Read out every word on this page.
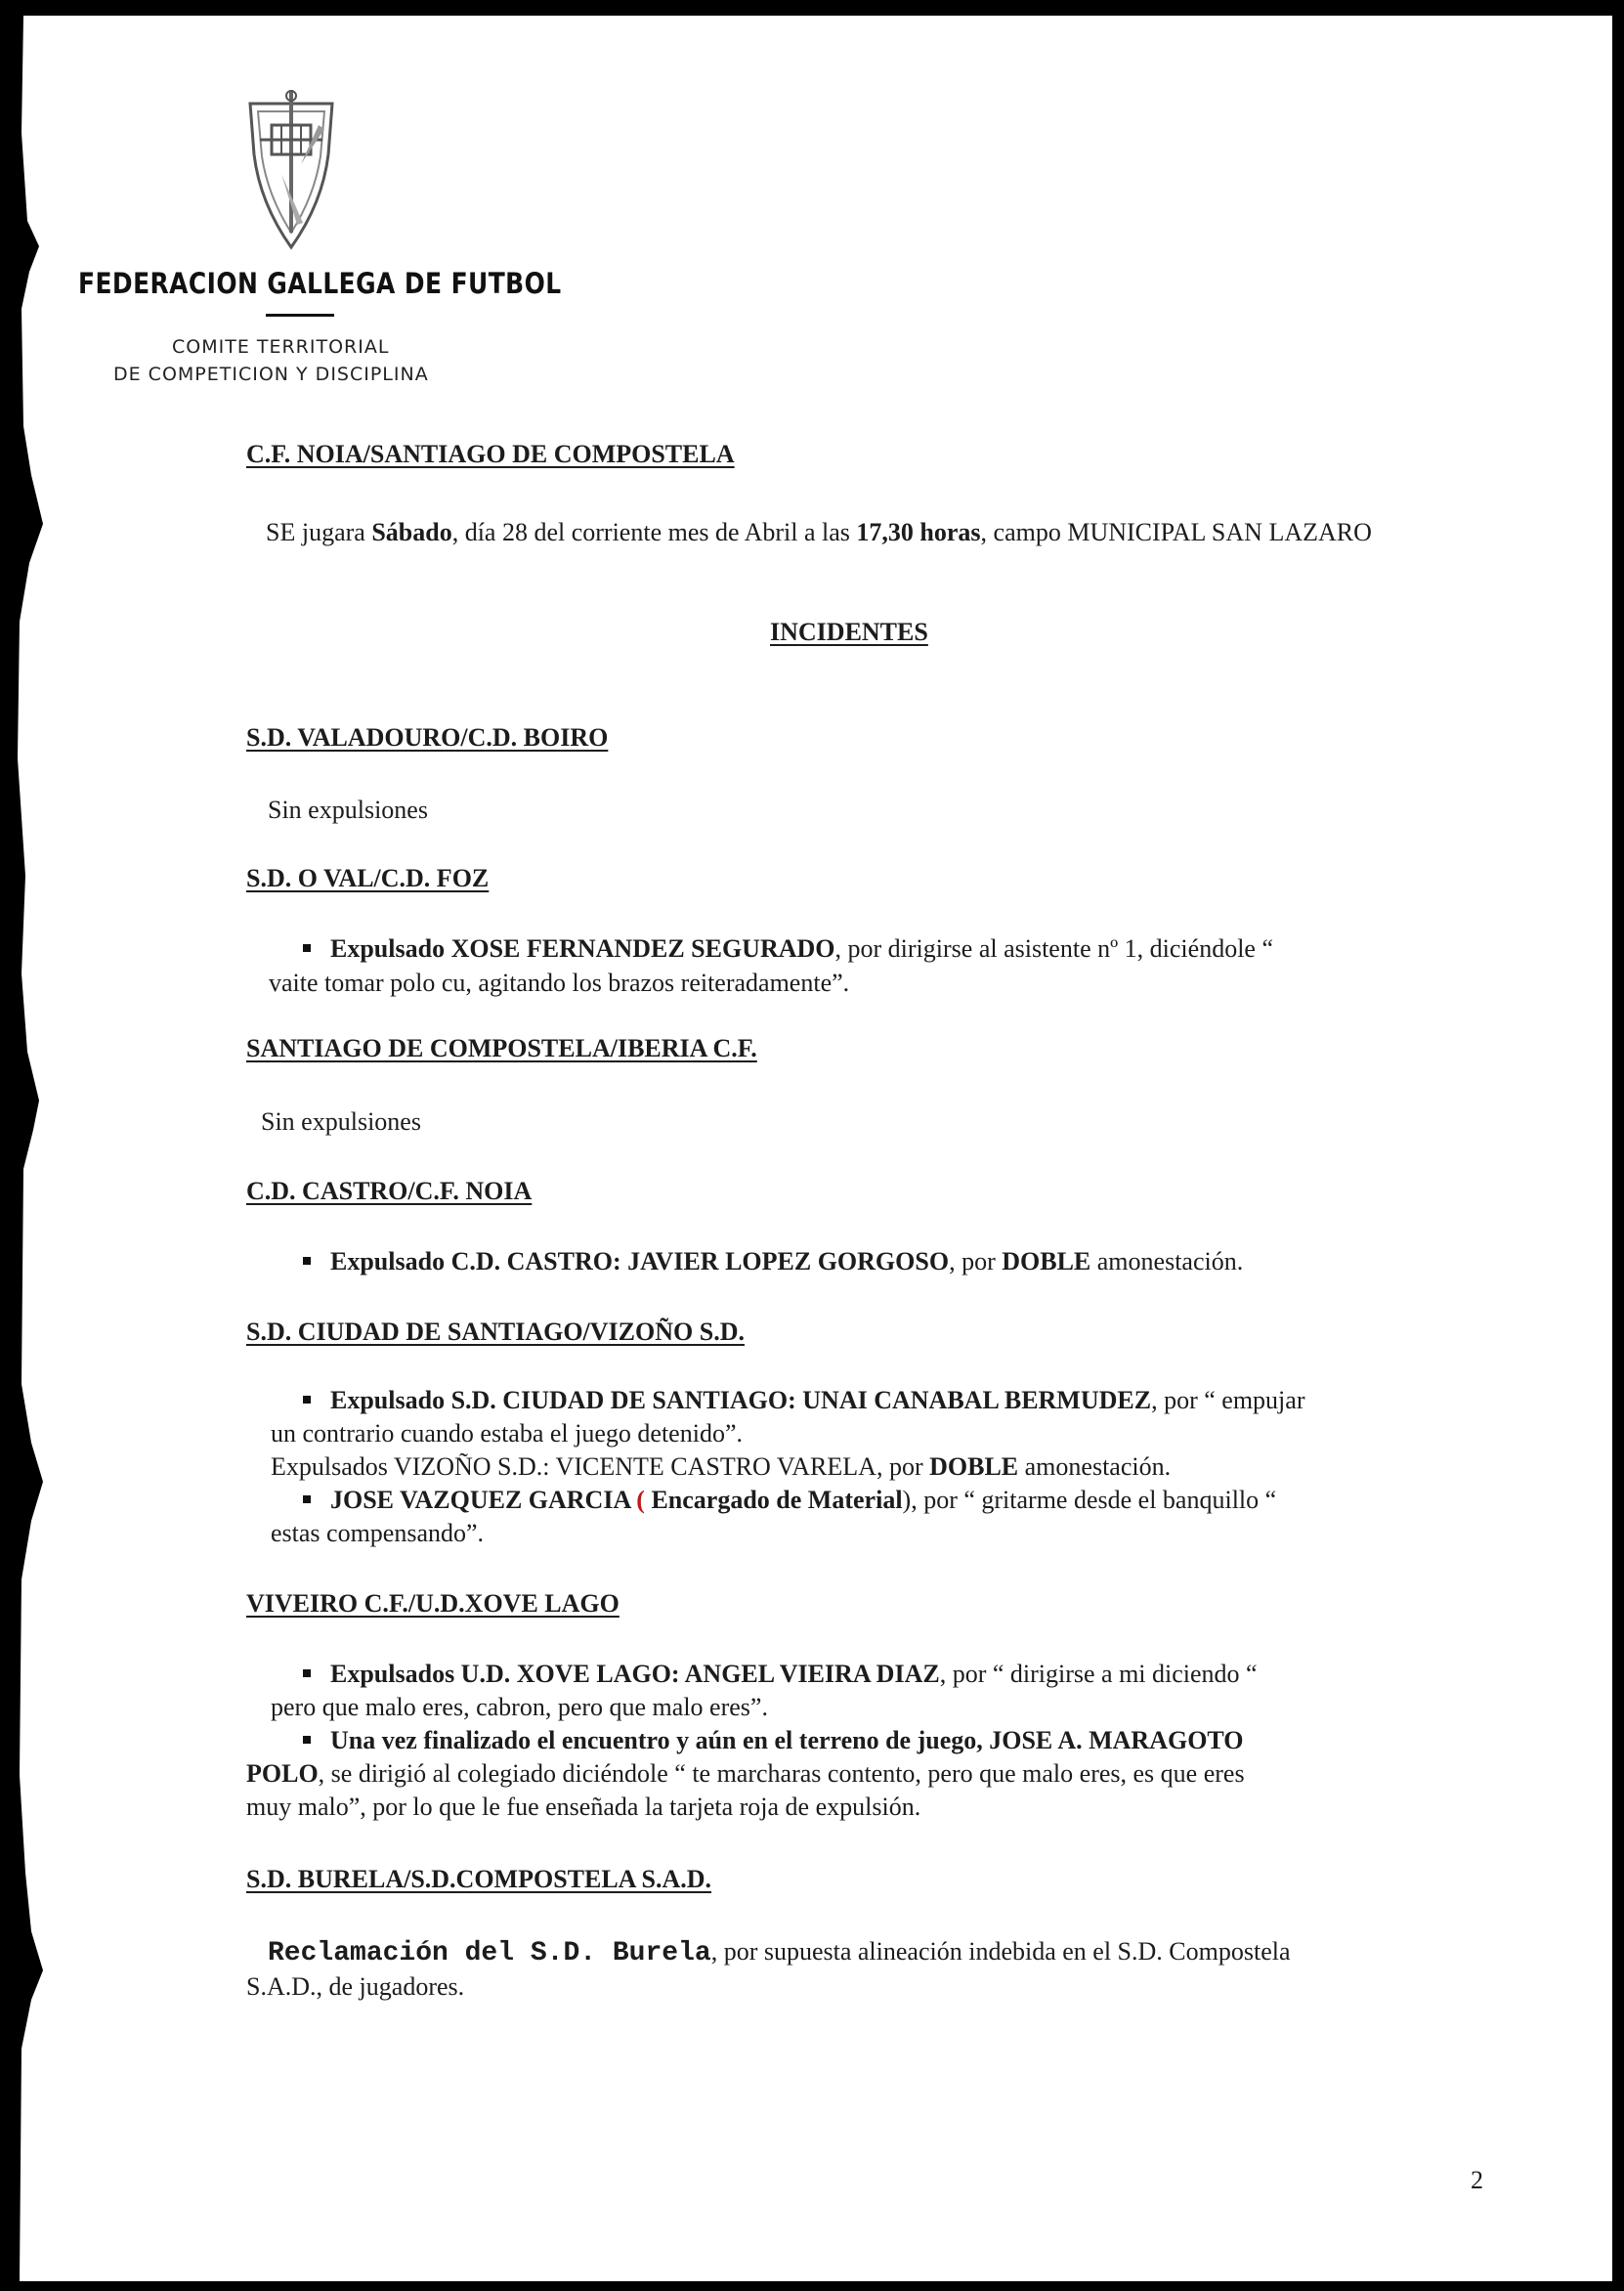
FEDERACION GALLEGA DE FUTBOL
COMITE TERRITORIAL
DE COMPETICION Y DISCIPLINA
C.F. NOIA/SANTIAGO DE COMPOSTELA
SE jugara Sábado, día 28 del corriente mes de Abril a las 17,30 horas, campo MUNICIPAL SAN LAZARO
INCIDENTES
S.D. VALADOURO/C.D. BOIRO
Sin expulsiones
S.D. O VAL/C.D. FOZ
Expulsado XOSE FERNANDEZ SEGURADO, por dirigirse al asistente nº 1, diciéndole “
vaite tomar polo cu, agitando los brazos reiteradamente”.
SANTIAGO DE COMPOSTELA/IBERIA C.F.
Sin expulsiones
C.D. CASTRO/C.F. NOIA
Expulsado C.D. CASTRO: JAVIER LOPEZ GORGOSO, por DOBLE amonestación.
S.D. CIUDAD DE SANTIAGO/VIZOÑO S.D.
Expulsado S.D. CIUDAD DE SANTIAGO: UNAI CANABAL BERMUDEZ, por “ empujar
un contrario cuando estaba el juego detenido”.
Expulsados VIZOÑO S.D.: VICENTE CASTRO VARELA, por DOBLE amonestación.
JOSE VAZQUEZ GARCIA ( Encargado de Material), por “ gritarme desde el banquillo “
estas compensando”.
VIVEIRO C.F./U.D.XOVE LAGO
Expulsados U.D. XOVE LAGO: ANGEL VIEIRA DIAZ, por “ dirigirse a mi diciendo “
pero que malo eres, cabron, pero que malo eres”.
Una vez finalizado el encuentro y aún en el terreno de juego, JOSE A. MARAGOTO
POLO, se dirigió al colegiado diciéndole “ te marcharas contento, pero que malo eres, es que eres
muy malo”, por lo que le fue enseñada la tarjeta roja de expulsión.
S.D. BURELA/S.D.COMPOSTELA S.A.D.
Reclamación del S.D. Burela, por supuesta alineación indebida en el S.D. Compostela
S.A.D., de jugadores.
2
